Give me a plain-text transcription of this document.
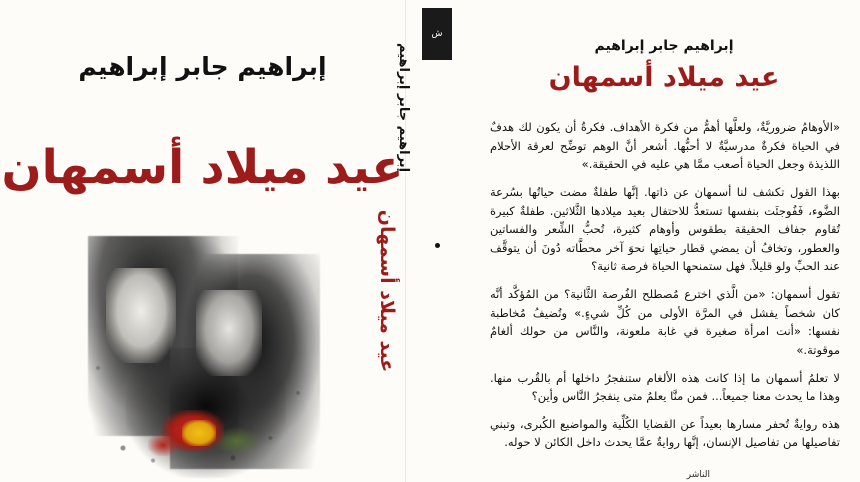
إبراهيم جابر إبراهيم
عيد ميلاد أسمهان
ش
إبراهيم جابر إبراهيم
عيد ميلاد أسمهان
إبراهيم جابر إبراهيم
عيد ميلاد أسمهان

«الأوهامُ ضروريَّةٌ، ولعلَّها أهمُّ من فكرة الأهداف. فكرةُ أن يكون لك هدفٌ في الحياة فكرةٌ مدرسيَّةٌ لا أحبُّها. أشعر أنَّ الوهم توضِّح لعرقة الأحلام اللذيذة وجعل الحياة أصعب ممَّا هي عليه في الحقيقة.»

بهذا القول تكشف لنا أسمهان عن ذاتها. إنَّها طفلةٌ مضت حياتُها بسُرعة الضَّوء، فَفُوجئَت بنفسها تستعدُّ للاحتفال بعيد ميلادها الثَّلاثين. طفلةٌ كبيرة تُقاوم جفاف الحقيقة بطقوس وأوهام كثيرة، تُحبُّ الشِّعر والفساتين والعطور، وتخافُ أن يمضي قطار حياتِها نحوَ آخر محطَّاته دُونَ أن يتوقَّف عند الحبِّ ولو قليلاً. فهل ستمنحها الحياة فرصة ثانية؟

تقول أسمهان: «من الَّذي اخترع مُصطلح الفُرصة الثَّانية؟ من المُؤكَّد أنَّه كان شخصاً يفشل في المرَّة الأولى من كُلِّ شيءٍ.» وتُضيفُ مُخاطبة نفسها: «أنت امرأة صغيرة في غابة ملعونة، والنَّاس من حولك ألغامٌ موقوتة.»

لا تعلمُ أسمهان ما إذا كانت هذه الألغام ستنفجرُ داخلها أم بالقُرب منها. وهذا ما يحدث معنا جميعاً... فمن منَّا يعلمُ متى ينفجرُ النَّاس وأين؟

هذه روايةٌ تُحفر مسارها بعيداً عن القضايا الكُلِّية والمواضيع الكُبرى، وتبني تفاصيلها من تفاصيل الإنسان، إنَّها روايةٌ عمَّا يحدث داخل الكائن لا حوله.

الناشر
